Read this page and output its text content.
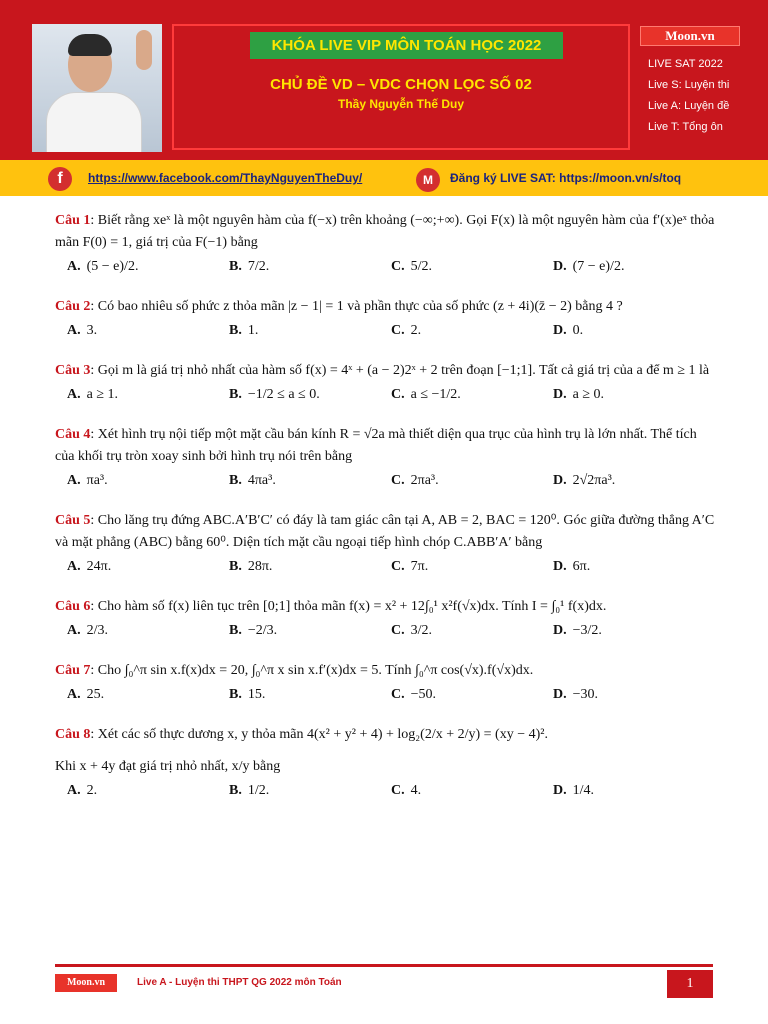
KHÓA LIVE VIP MÔN TOÁN HỌC 2022
CHỦ ĐỀ VD – VDC CHỌN LỌC SỐ 02
Thầy Nguyễn Thế Duy
Moon.vn
LIVE SAT 2022
Live S: Luyện thi
Live A: Luyện đề
Live T: Tổng ôn
f	https://www.facebook.com/ThayNguyenTheDuy/	M	Đăng ký LIVE SAT: https://moon.vn/s/toq
Câu 1: Biết rằng xeˣ là một nguyên hàm của f(−x) trên khoảng (−∞;+∞). Gọi F(x) là một nguyên hàm của f′(x)eˣ thỏa mãn F(0) = 1, giá trị của F(−1) bằng
A. (5 − e)/2.	B. 7/2.	C. 5/2.	D. (7 − e)/2.
Câu 2: Có bao nhiêu số phức z thỏa mãn |z − 1| = 1 và phần thực của số phức (z + 4i)(z̄ − 2) bằng 4 ?
A. 3.	B. 1.	C. 2.	D. 0.
Câu 3: Gọi m là giá trị nhỏ nhất của hàm số f(x) = 4ˣ + (a − 2)2ˣ + 2 trên đoạn [−1;1]. Tất cả giá trị của a để m ≥ 1 là
A. a ≥ 1.	B. −1/2 ≤ a ≤ 0.	C. a ≤ −1/2.	D. a ≥ 0.
Câu 4: Xét hình trụ nội tiếp một mặt cầu bán kính R = √2a mà thiết diện qua trục của hình trụ là lớn nhất. Thể tích của khối trụ tròn xoay sinh bởi hình trụ nói trên bằng
A. πa³.	B. 4πa³.	C. 2πa³.	D. 2√2πa³.
Câu 5: Cho lăng trụ đứng ABC.A′B′C′ có đáy là tam giác cân tại A, AB = 2, BAC = 120⁰. Góc giữa đường thẳng A′C và mặt phẳng (ABC) bằng 60⁰. Diện tích mặt cầu ngoại tiếp hình chóp C.ABB′A′ bằng
A. 24π.	B. 28π.	C. 7π.	D. 6π.
Câu 6: Cho hàm số f(x) liên tục trên [0;1] thỏa mãn f(x) = x² + 12∫₀¹ x²f(√x)dx. Tính I = ∫₀¹ f(x)dx.
A. 2/3.	B. −2/3.	C. 3/2.	D. −3/2.
Câu 7: Cho ∫₀^π sin x.f(x)dx = 20, ∫₀^π x sin x.f′(x)dx = 5. Tính ∫₀^π cos(√x).f(√x)dx.
A. 25.	B. 15.	C. −50.	D. −30.
Câu 8: Xét các số thực dương x, y thỏa mãn 4(x² + y² + 4) + log₂(2/x + 2/y) = (xy − 4)².
Khi x + 4y đạt giá trị nhỏ nhất, x/y bằng
A. 2.	B. 1/2.	C. 4.	D. 1/4.
Moon.vn	Live A - Luyện thi THPT QG 2022 môn Toán	1
